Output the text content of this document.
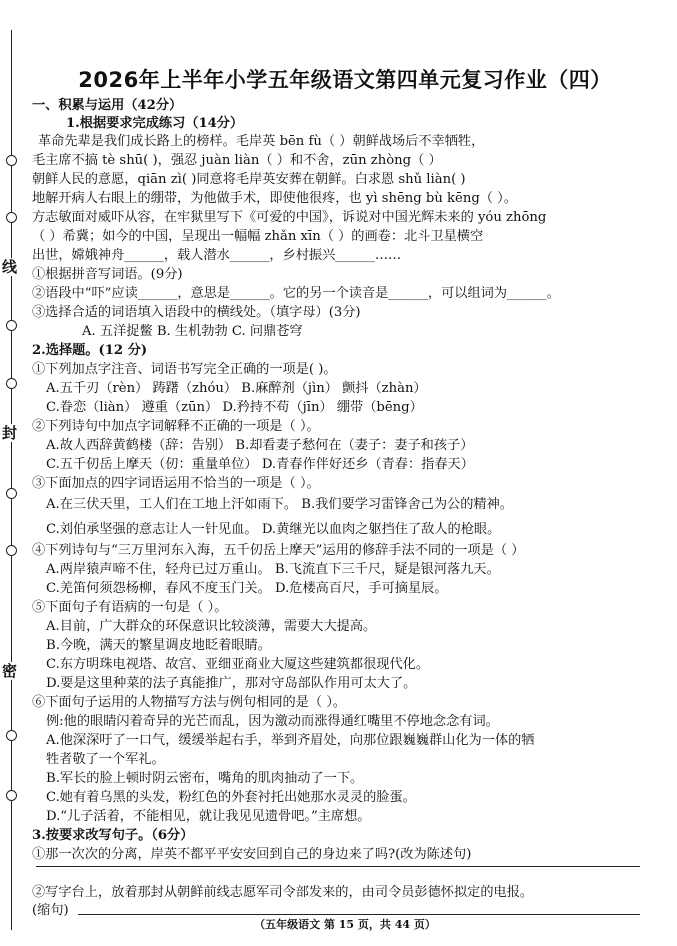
线
封
密
2026年上半年小学五年级语文第四单元复习作业（四）
一、积累与运用（42分）
1.根据要求完成练习（14分）
革命先辈是我们成长路上的榜样。毛岸英 bēn fù（ ）朝鲜战场后不幸牺牲，
毛主席不搞 tè shū( )，强忍 juàn liàn（ ）和不舍，zūn zhòng（ ）
朝鲜人民的意愿，qiān zì( )同意将毛岸英安葬在朝鲜。白求恩 shǔ liàn( )
地解开病人右眼上的绷带，为他做手术，即使他很疼，也 yì shēng bù kēng（ ）。
方志敏面对威吓从容，在牢狱里写下《可爱的中国》，诉说对中国光辉未来的 yóu zhōng
（ ）希冀；如今的中国，呈现出一幅幅 zhǎn xīn（ ）的画卷：北斗卫星横空
出世，嫦娥神舟______，载人潜水______，乡村振兴______……
①根据拼音写词语。(9分)
②语段中“吓”应读______，意思是______。它的另一个读音是______，可以组词为______。
③选择合适的词语填入语段中的横线处。（填字母）(3分)
A. 五洋捉鳖 B. 生机勃勃 C. 问鼎苍穹
2.选择题。(12 分)
①下列加点字注音、词语书写完全正确的一项是( )。
A.五千刃（rèn） 踌躇（zhóu） B.麻醉剂（jìn） 颤抖（zhàn）
C.眷恋（liàn） 遵重（zūn） D.矜持不苟（jīn） 绷带（bēng）
②下列诗句中加点字词解释不正确的一项是（ ）。
A.故人西辞黄鹤楼（辞：告别） B.却看妻子愁何在（妻子：妻子和孩子）
C.五千仞岳上摩天（仞：重量单位） D.青春作伴好还乡（青春：指春天）
③下面加点的四字词语运用不恰当的一项是（ ）。
A.在三伏天里，工人们在工地上汗如雨下。 B.我们要学习雷锋舍己为公的精神。
C.刘伯承坚强的意志让人一针见血。 D.黄继光以血肉之躯挡住了敌人的枪眼。
④下列诗句与“三万里河东入海，五千仞岳上摩天”运用的修辞手法不同的一项是（ ）
A.两岸猿声啼不住，轻舟已过万重山。 B.飞流直下三千尺，疑是银河落九天。
C.羌笛何须怨杨柳，春风不度玉门关。 D.危楼高百尺，手可摘星辰。
⑤下面句子有语病的一句是（ ）。
A.目前，广大群众的环保意识比较淡薄，需要大大提高。
B.今晚，满天的繁星调皮地眨着眼睛。
C.东方明珠电视塔、故宫、亚细亚商业大厦这些建筑都很现代化。
D.要是这里种菜的法子真能推广，那对守岛部队作用可太大了。
⑥下面句子运用的人物描写方法与例句相同的是（ ）。
例:他的眼睛闪着奇异的光芒而乱，因为激动而涨得通红嘴里不停地念念有词。
A.他深深吁了一口气，缓缓举起右手，举到齐眉处，向那位跟巍巍群山化为一体的牺
牲者敬了一个军礼。
B.军长的脸上顿时阴云密布，嘴角的肌肉抽动了一下。
C.她有着乌黑的头发，粉红色的外套衬托出她那水灵灵的脸蛋。
D.“儿子活着，不能相见，就让我见见遗骨吧。”主席想。
3.按要求改写句子。（6分）
①那一次次的分离，岸英不都平平安安回到自己的身边来了吗?(改为陈述句)
②写字台上，放着那封从朝鲜前线志愿军司令部发来的，由司令员彭德怀拟定的电报。
(缩句)
（五年级语文 第 15 页，共 44 页）
